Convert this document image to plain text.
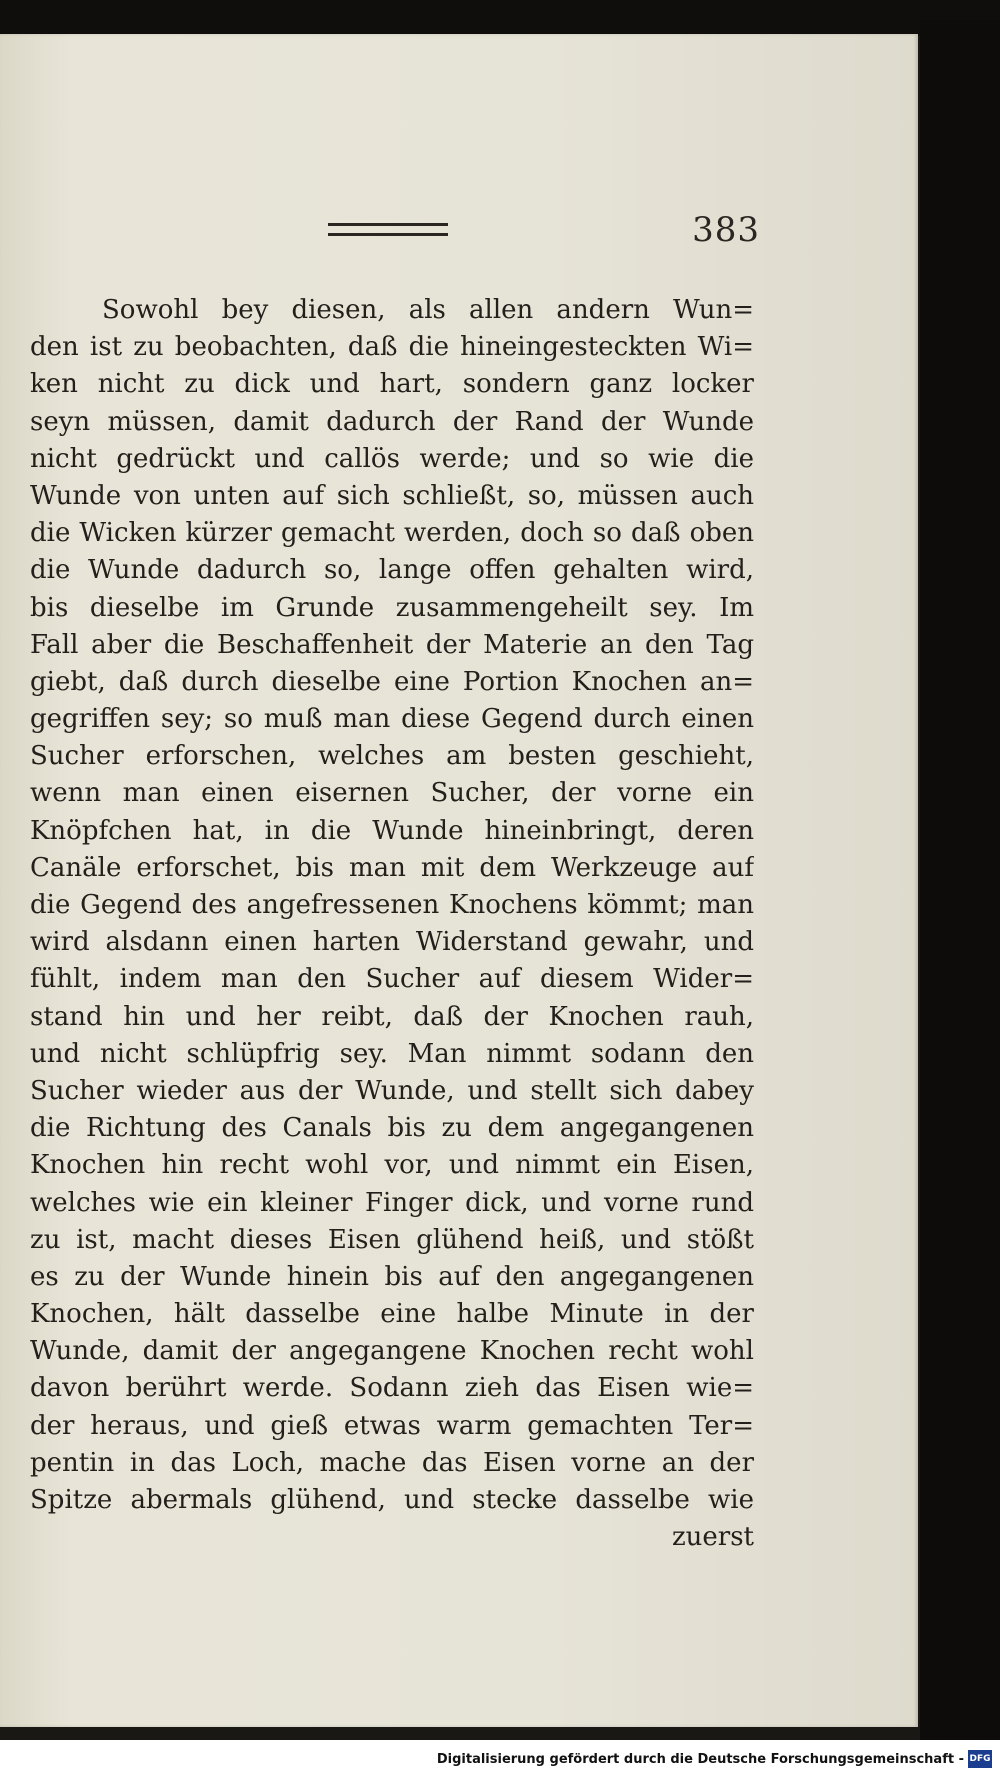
383
Sowohl bey diesen, als allen andern Wun=
den ist zu beobachten, daß die hineingesteckten Wi=
ken nicht zu dick und hart, sondern ganz locker
seyn müssen, damit dadurch der Rand der Wunde
nicht gedrückt und callös werde; und so wie die
Wunde von unten auf sich schließt, so, müssen auch
die Wicken kürzer gemacht werden, doch so daß oben
die Wunde dadurch so, lange offen gehalten wird,
bis dieselbe im Grunde zusammengeheilt sey. Im
Fall aber die Beschaffenheit der Materie an den Tag
giebt, daß durch dieselbe eine Portion Knochen an=
gegriffen sey; so muß man diese Gegend durch einen
Sucher erforschen, welches am besten geschieht,
wenn man einen eisernen Sucher, der vorne ein
Knöpfchen hat, in die Wunde hineinbringt, deren
Canäle erforschet, bis man mit dem Werkzeuge auf
die Gegend des angefressenen Knochens kömmt; man
wird alsdann einen harten Widerstand gewahr, und
fühlt, indem man den Sucher auf diesem Wider=
stand hin und her reibt, daß der Knochen rauh,
und nicht schlüpfrig sey. Man nimmt sodann den
Sucher wieder aus der Wunde, und stellt sich dabey
die Richtung des Canals bis zu dem angegangenen
Knochen hin recht wohl vor, und nimmt ein Eisen,
welches wie ein kleiner Finger dick, und vorne rund
zu ist, macht dieses Eisen glühend heiß, und stößt
es zu der Wunde hinein bis auf den angegangenen
Knochen, hält dasselbe eine halbe Minute in der
Wunde, damit der angegangene Knochen recht wohl
davon berührt werde. Sodann zieh das Eisen wie=
der heraus, und gieß etwas warm gemachten Ter=
pentin in das Loch, mache das Eisen vorne an der
Spitze abermals glühend, und stecke dasselbe wie
zuerst
Digitalisierung gefördert durch die Deutsche Forschungsgemeinschaft - DFG
